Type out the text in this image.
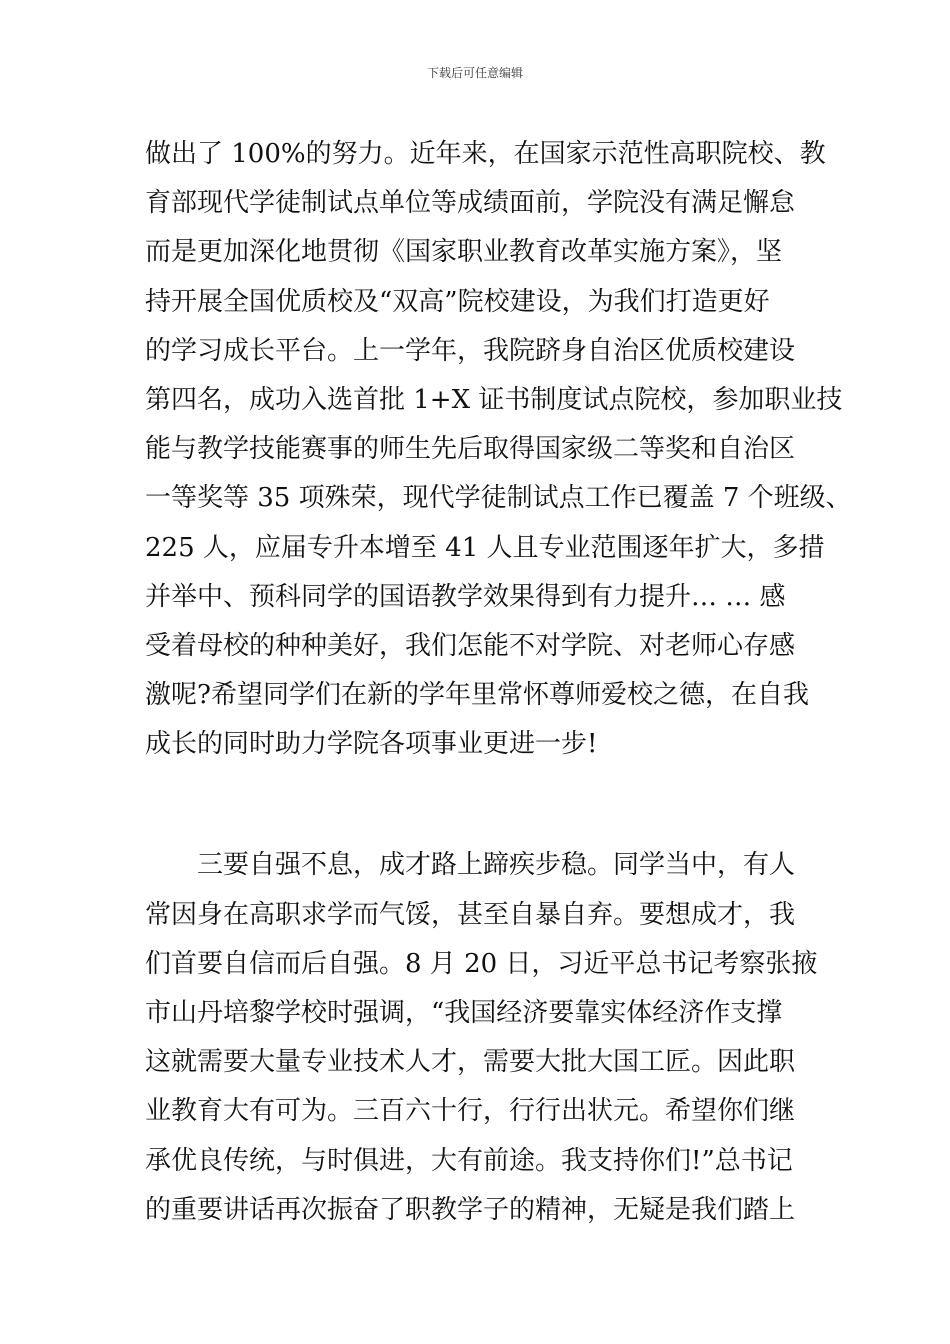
下载后可任意编辑
做出了 100%的努力。近年来，在国家示范性高职院校、教
育部现代学徒制试点单位等成绩面前，学院没有满足懈怠
而是更加深化地贯彻《国家职业教育改革实施方案》，坚
持开展全国优质校及“双高”院校建设，为我们打造更好
的学习成长平台。上一学年，我院跻身自治区优质校建设
第四名，成功入选首批 1+X 证书制度试点院校，参加职业技
能与教学技能赛事的师生先后取得国家级二等奖和自治区
一等奖等 35 项殊荣，现代学徒制试点工作已覆盖 7 个班级、
225 人，应届专升本增至 41 人且专业范围逐年扩大，多措
并举中、预科同学的国语教学效果得到有力提升… … 感
受着母校的种种美好，我们怎能不对学院、对老师心存感
激呢?希望同学们在新的学年里常怀尊师爱校之德，在自我
成长的同时助力学院各项事业更进一步!
三要自强不息，成才路上蹄疾步稳。同学当中，有人
常因身在高职求学而气馁，甚至自暴自弃。要想成才，我
们首要自信而后自强。8 月 20 日，习近平总书记考察张掖
市山丹培黎学校时强调，“我国经济要靠实体经济作支撑
这就需要大量专业技术人才，需要大批大国工匠。因此职
业教育大有可为。三百六十行，行行出状元。希望你们继
承优良传统，与时俱进，大有前途。我支持你们!”总书记
的重要讲话再次振奋了职教学子的精神，无疑是我们踏上
